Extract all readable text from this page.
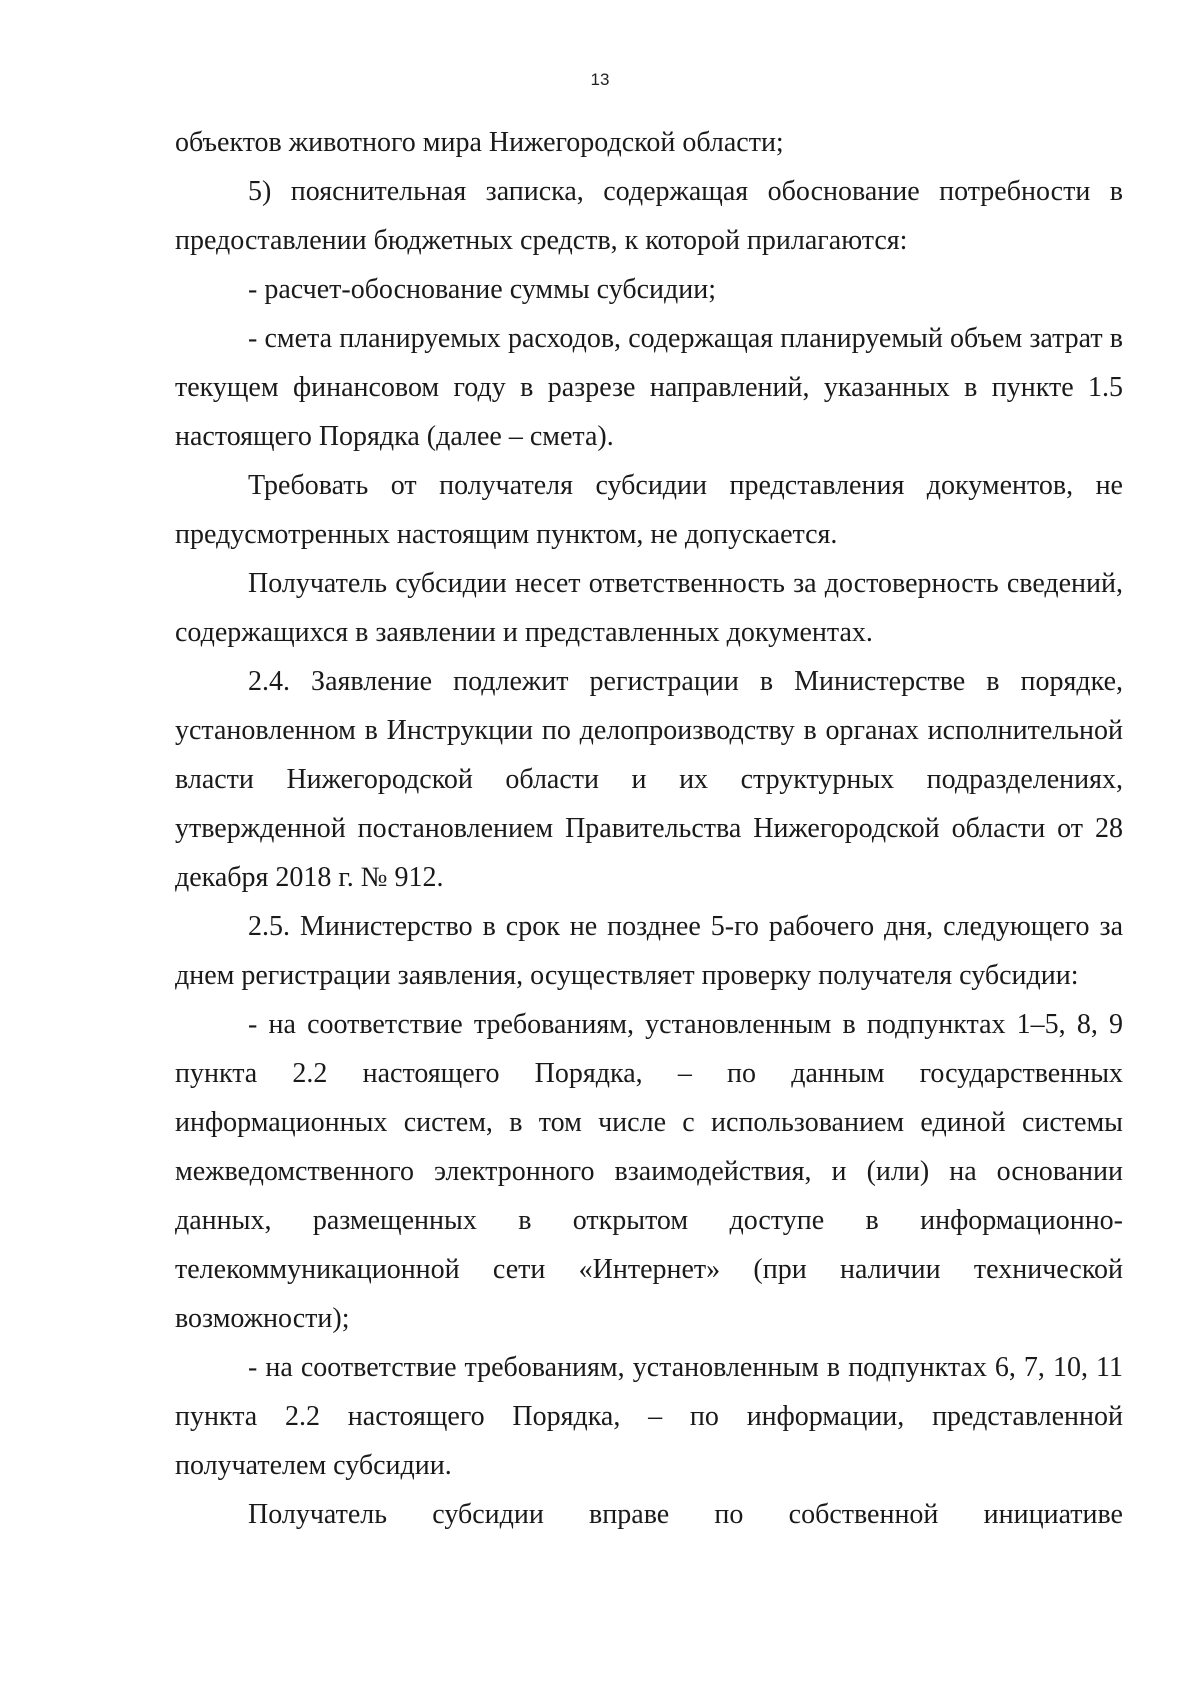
13

объектов животного мира Нижегородской области;

5) пояснительная записка, содержащая обоснование потребности в предоставлении бюджетных средств, к которой прилагаются:

- расчет-обоснование суммы субсидии;

- смета планируемых расходов, содержащая планируемый объем затрат в текущем финансовом году в разрезе направлений, указанных в пункте 1.5 настоящего Порядка (далее – смета).

Требовать от получателя субсидии представления документов, не предусмотренных настоящим пунктом, не допускается.

Получатель субсидии несет ответственность за достоверность сведений, содержащихся в заявлении и представленных документах.

2.4. Заявление подлежит регистрации в Министерстве в порядке, установленном в Инструкции по делопроизводству в органах исполнительной власти Нижегородской области и их структурных подразделениях, утвержденной постановлением Правительства Нижегородской области от 28 декабря 2018 г. № 912.

2.5. Министерство в срок не позднее 5-го рабочего дня, следующего за днем регистрации заявления, осуществляет проверку получателя субсидии:

- на соответствие требованиям, установленным в подпунктах 1–5, 8, 9 пункта 2.2 настоящего Порядка, – по данным государственных информационных систем, в том числе с использованием единой системы межведомственного электронного взаимодействия, и (или) на основании данных, размещенных в открытом доступе в информационно-телекоммуникационной сети «Интернет» (при наличии технической возможности);

- на соответствие требованиям, установленным в подпунктах 6, 7, 10, 11 пункта 2.2 настоящего Порядка, – по информации, представленной получателем субсидии.

Получатель субсидии вправе по собственной инициативе
